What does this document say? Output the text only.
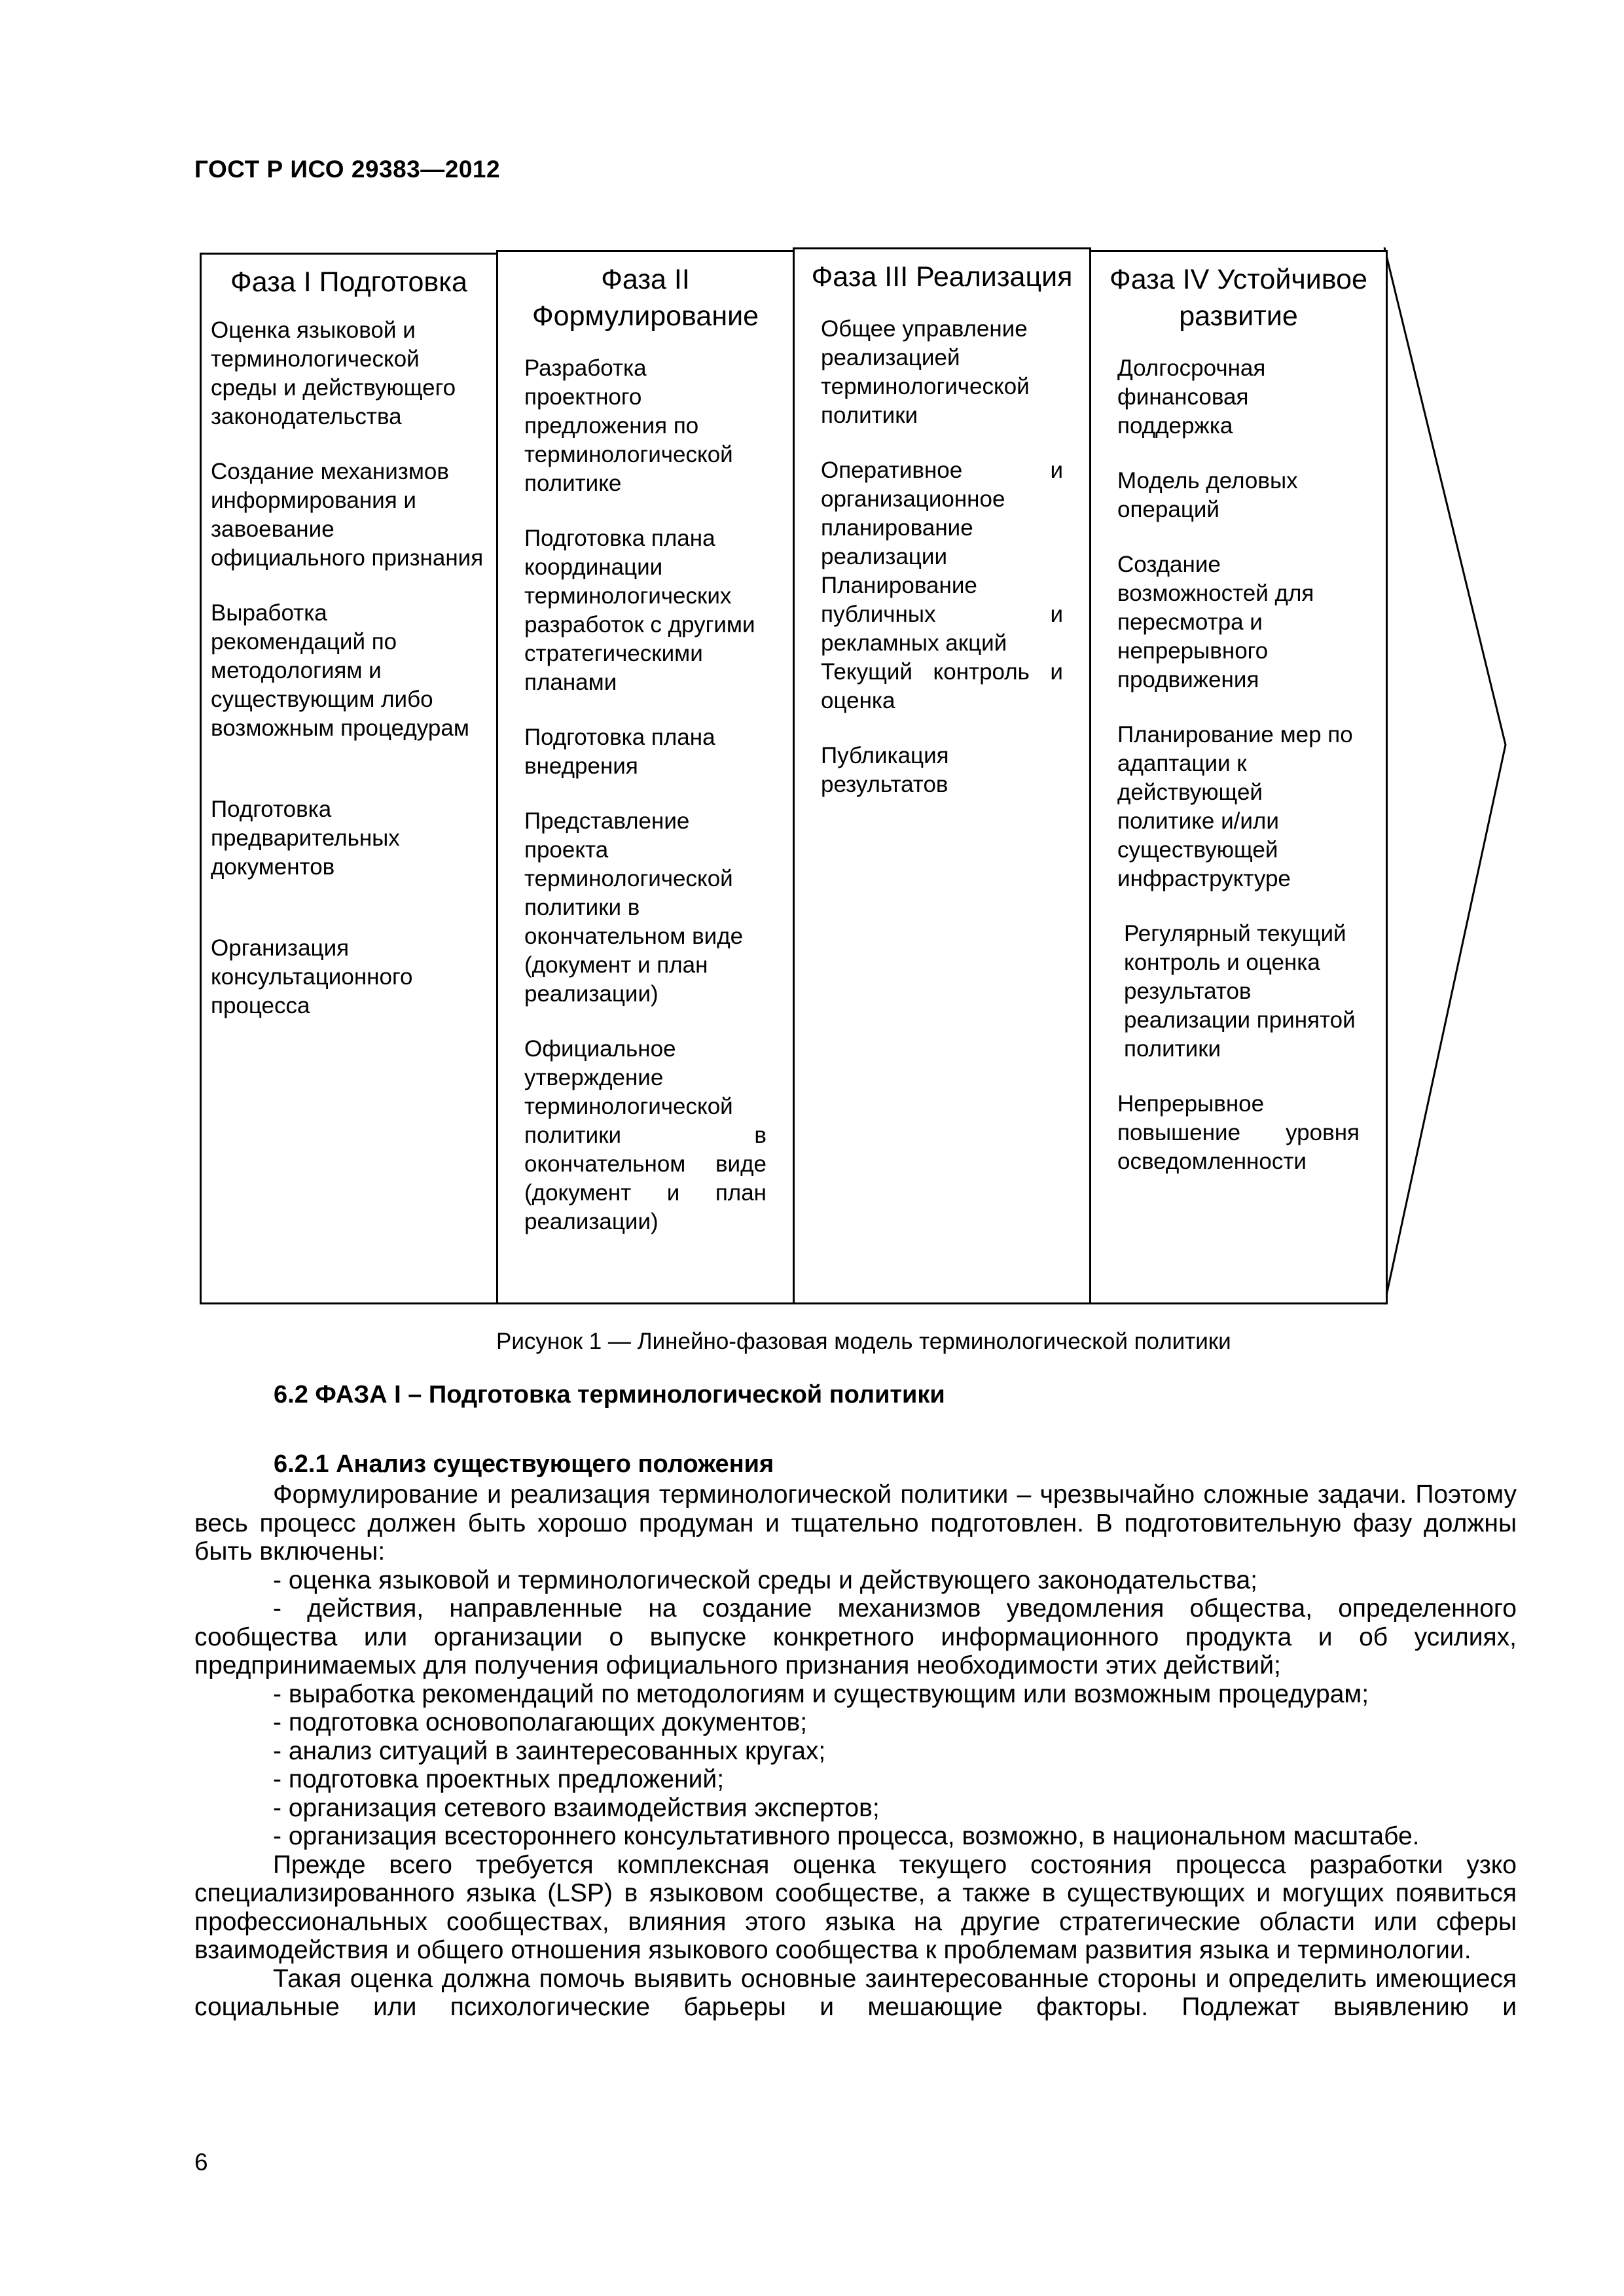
ГОСТ Р ИСО 29383—2012
Фаза I Подготовка
Оценка языковой и терминологической среды и действующего законодательства
Создание механизмов информирования и завоевание официального признания
Выработка рекомендаций по методологиям и существующим либо возможным процедурам
Подготовка предварительных документов
Организация консультационного процесса
Фаза II Формулирование
Разработка проектного предложения по терминологической политике
Подготовка плана координации терминологических разработок с другими стратегическими планами
Подготовка плана внедрения
Представление проекта терминологической политики в окончательном виде (документ и план реализации)
Официальное утверждение терминологической политики в окончательном виде (документ и план реализации)
Фаза III Реализация
Общее управление реализацией терминологической политики
Оперативное и организационное планирование реализации
Планирование публичных и рекламных акций
Текущий контроль и оценка
Публикация результатов
Фаза IV Устойчивое развитие
Долгосрочная финансовая поддержка
Модель деловых операций
Создание возможностей для пересмотра и непрерывного продвижения
Планирование мер по адаптации к действующей политике и/или существующей инфраструктуре
Регулярный текущий контроль и оценка результатов реализации принятой политики
Непрерывное повышение уровня осведомленности
Рисунок 1 — Линейно-фазовая модель терминологической политики
6.2 ФАЗА I – Подготовка терминологической политики
6.2.1 Анализ существующего положения

Формулирование и реализация терминологической политики – чрезвычайно сложные задачи. Поэтому весь процесс должен быть хорошо продуман и тщательно подготовлен. В подготовительную фазу должны быть включены:

- оценка языковой и терминологической среды и действующего законодательства;

- действия, направленные на создание механизмов уведомления общества, определенного сообщества или организации о выпуске конкретного информационного продукта и об усилиях, предпринимаемых для получения официального признания необходимости этих действий;

- выработка рекомендаций по методологиям и существующим или возможным процедурам;

- подготовка основополагающих документов;

- анализ ситуаций в заинтересованных кругах;

- подготовка проектных предложений;

- организация сетевого взаимодействия экспертов;

- организация всестороннего консультативного процесса, возможно, в национальном масштабе.

Прежде всего требуется комплексная оценка текущего состояния процесса разработки узко специализированного языка (LSP) в языковом сообществе, а также в существующих и могущих появиться профессиональных сообществах, влияния этого языка на другие стратегические области или сферы взаимодействия и общего отношения языкового сообщества к проблемам развития языка и терминологии.

Такая оценка должна помочь выявить основные заинтересованные стороны и определить имеющиеся социальные или психологические барьеры и мешающие факторы. Подлежат выявлению и

6
